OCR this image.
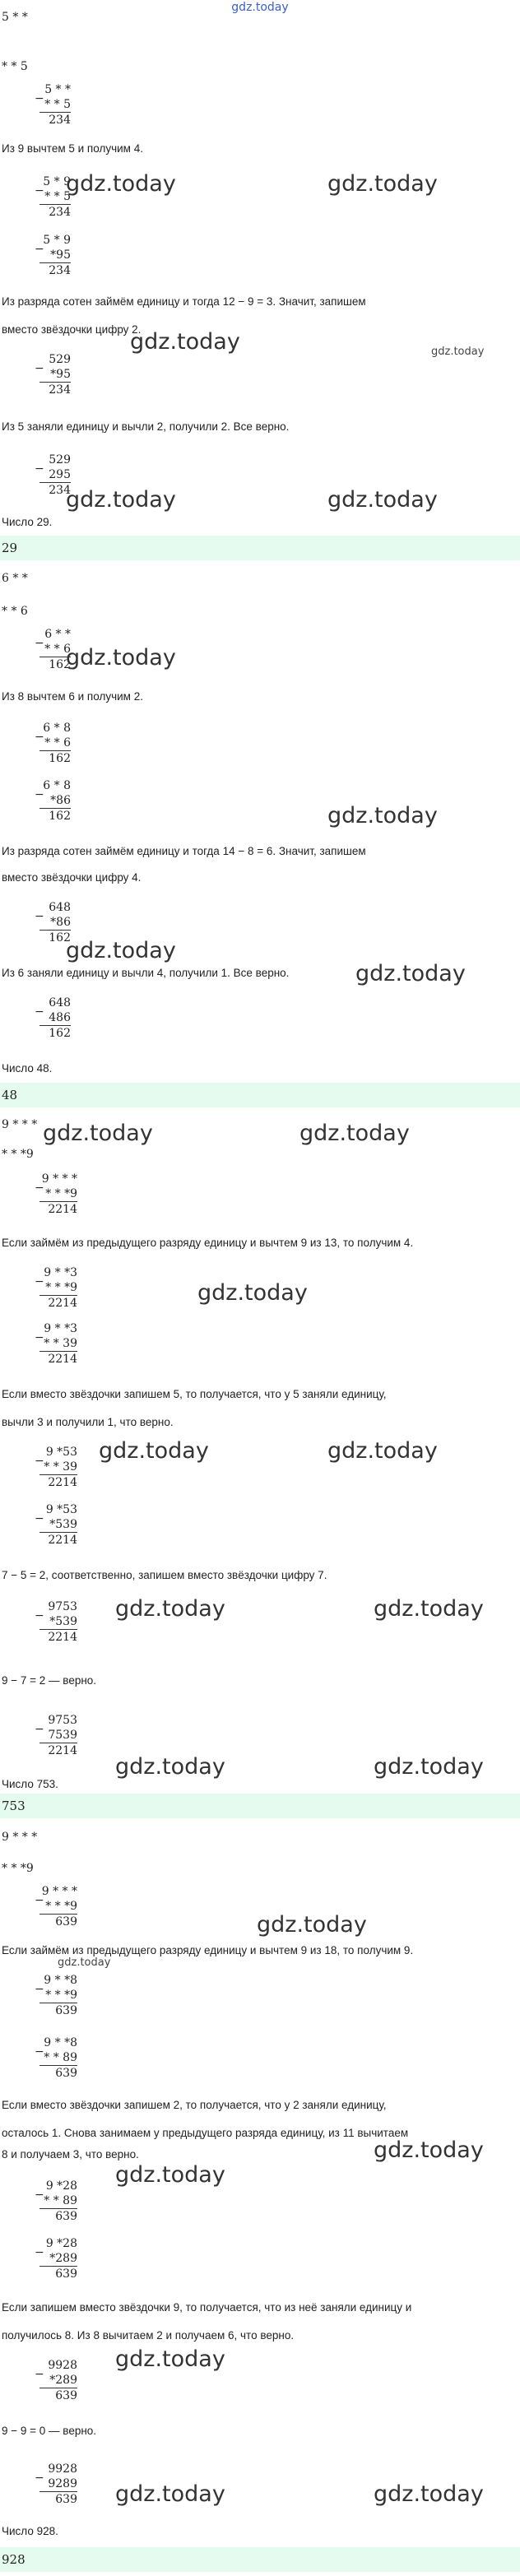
gdz.today
5 * *
* * 5
−
5 * *
* * 5
234
Из 9 вычтем 5 и получим 4.
−
5 * 9
* * 5
234
−
5 * 9
*95
234
Из разряда сотен займём единицу и тогда 12 − 9 = 3. Значит, запишем
вместо звёздочки цифру 2.
−
529
*95
234
Из 5 заняли единицу и вычли 2, получили 2. Все верно.
−
529
295
234
Число 29.
29
6 * *
* * 6
−
6 * *
* * 6
162
Из 8 вычтем 6 и получим 2.
−
6 * 8
* * 6
162
−
6 * 8
*86
162
Из разряда сотен займём единицу и тогда 14 − 8 = 6. Значит, запишем
вместо звёздочки цифру 4.
−
648
*86
162
Из 6 заняли единицу и вычли 4, получили 1. Все верно.
−
648
486
162
Число 48.
48
9 * * *
* * *9
−
9 * * *
* * *9
2214
Если займём из предыдущего разряду единицу и вычтем 9 из 13, то получим 4.
−
9 * *3
* * *9
2214
−
9 * *3
* * 39
2214
Если вместо звёздочки запишем 5, то получается, что у 5 заняли единицу,
вычли 3 и получили 1, что верно.
−
9 *53
* * 39
2214
−
9 *53
*539
2214
7 − 5 = 2, соответственно, запишем вместо звёздочки цифру 7.
−
9753
*539
2214
9 − 7 = 2 — верно.
−
9753
7539
2214
Число 753.
753
9 * * *
* * *9
−
9 * * *
* * *9
639
Если займём из предыдущего разряду единицу и вычтем 9 из 18, то получим 9.
−
9 * *8
* * *9
639
−
9 * *8
* * 89
639
Если вместо звёздочки запишем 2, то получается, что у 2 заняли единицу,
осталось 1. Снова занимаем у предыдущего разряда единицу, из 11 вычитаем
8 и получаем 3, что верно.
−
9 *28
* * 89
639
−
9 *28
*289
639
Если запишем вместо звёздочки 9, то получается, что из неё заняли единицу и
получилось 8. Из 8 вычитаем 2 и получаем 6, что верно.
−
9928
*289
639
9 − 9 = 0 — верно.
−
9928
9289
639
Число 928.
928
gdz.today	gdz.today
gdz.today	gdz.today
gdz.today	gdz.today
gdz.today
gdz.today
gdz.today
gdz.today
gdz.today	gdz.today
gdz.today
gdz.today	gdz.today
gdz.today	gdz.today
gdz.today	gdz.today
gdz.today
gdz.today
gdz.today
gdz.today
gdz.today
gdz.today	gdz.today
